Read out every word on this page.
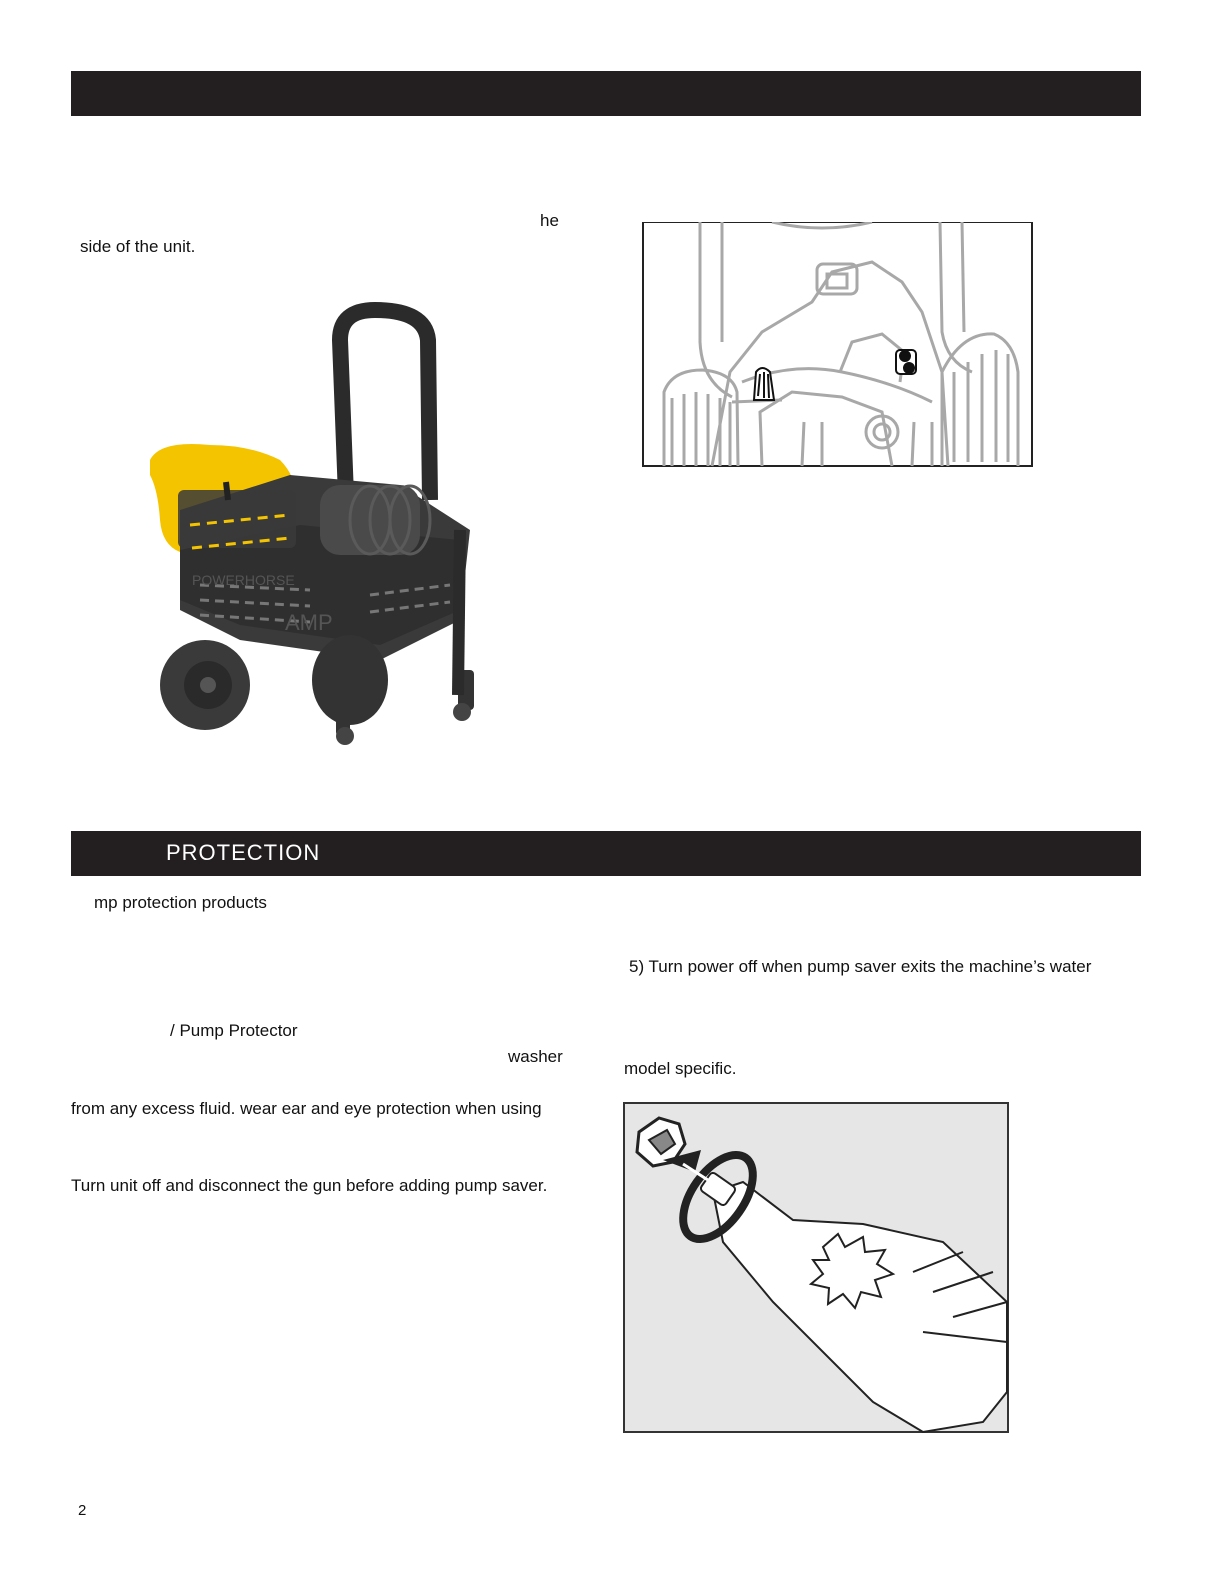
he
side of the unit.
POWERHORSE
AMP
PROTECTION
mp protection products
/ Pump Protector
washer
from any excess fluid. wear ear and eye protection when using
Turn unit off and disconnect the gun before adding pump saver.
5) Turn power off when pump saver exits the machine’s water
model specific.
2
